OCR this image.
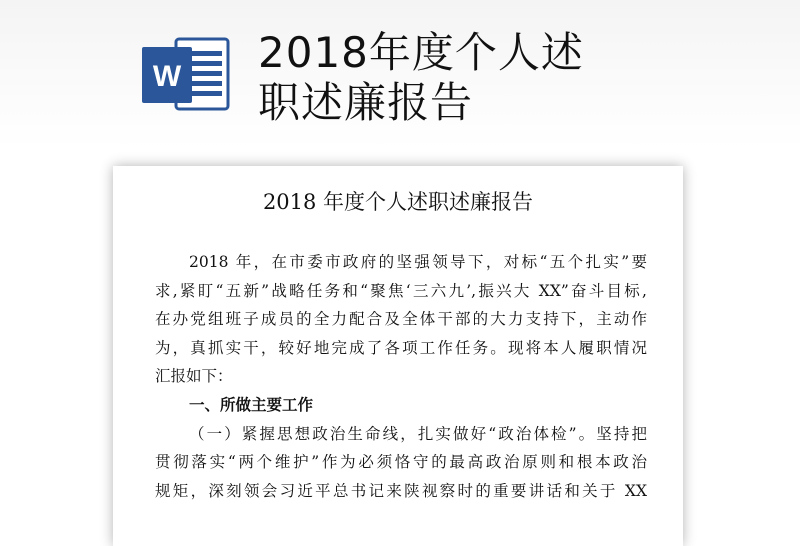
W 2018年度个人述
职述廉报告
2018 年度个人述职述廉报告
2018 年，在市委市政府的坚强领导下，对标“五个扎实”要
求,紧盯“五新”战略任务和“聚焦‘三六九’,振兴大 XX”奋斗目标,
在办党组班子成员的全力配合及全体干部的大力支持下，主动作
为，真抓实干，较好地完成了各项工作任务。现将本人履职情况
汇报如下：
一、所做主要工作
（一）紧握思想政治生命线，扎实做好“政治体检”。坚持把
贯彻落实“两个维护”作为必须恪守的最高政治原则和根本政治
规矩，深刻领会习近平总书记来陕视察时的重要讲话和关于 XX
